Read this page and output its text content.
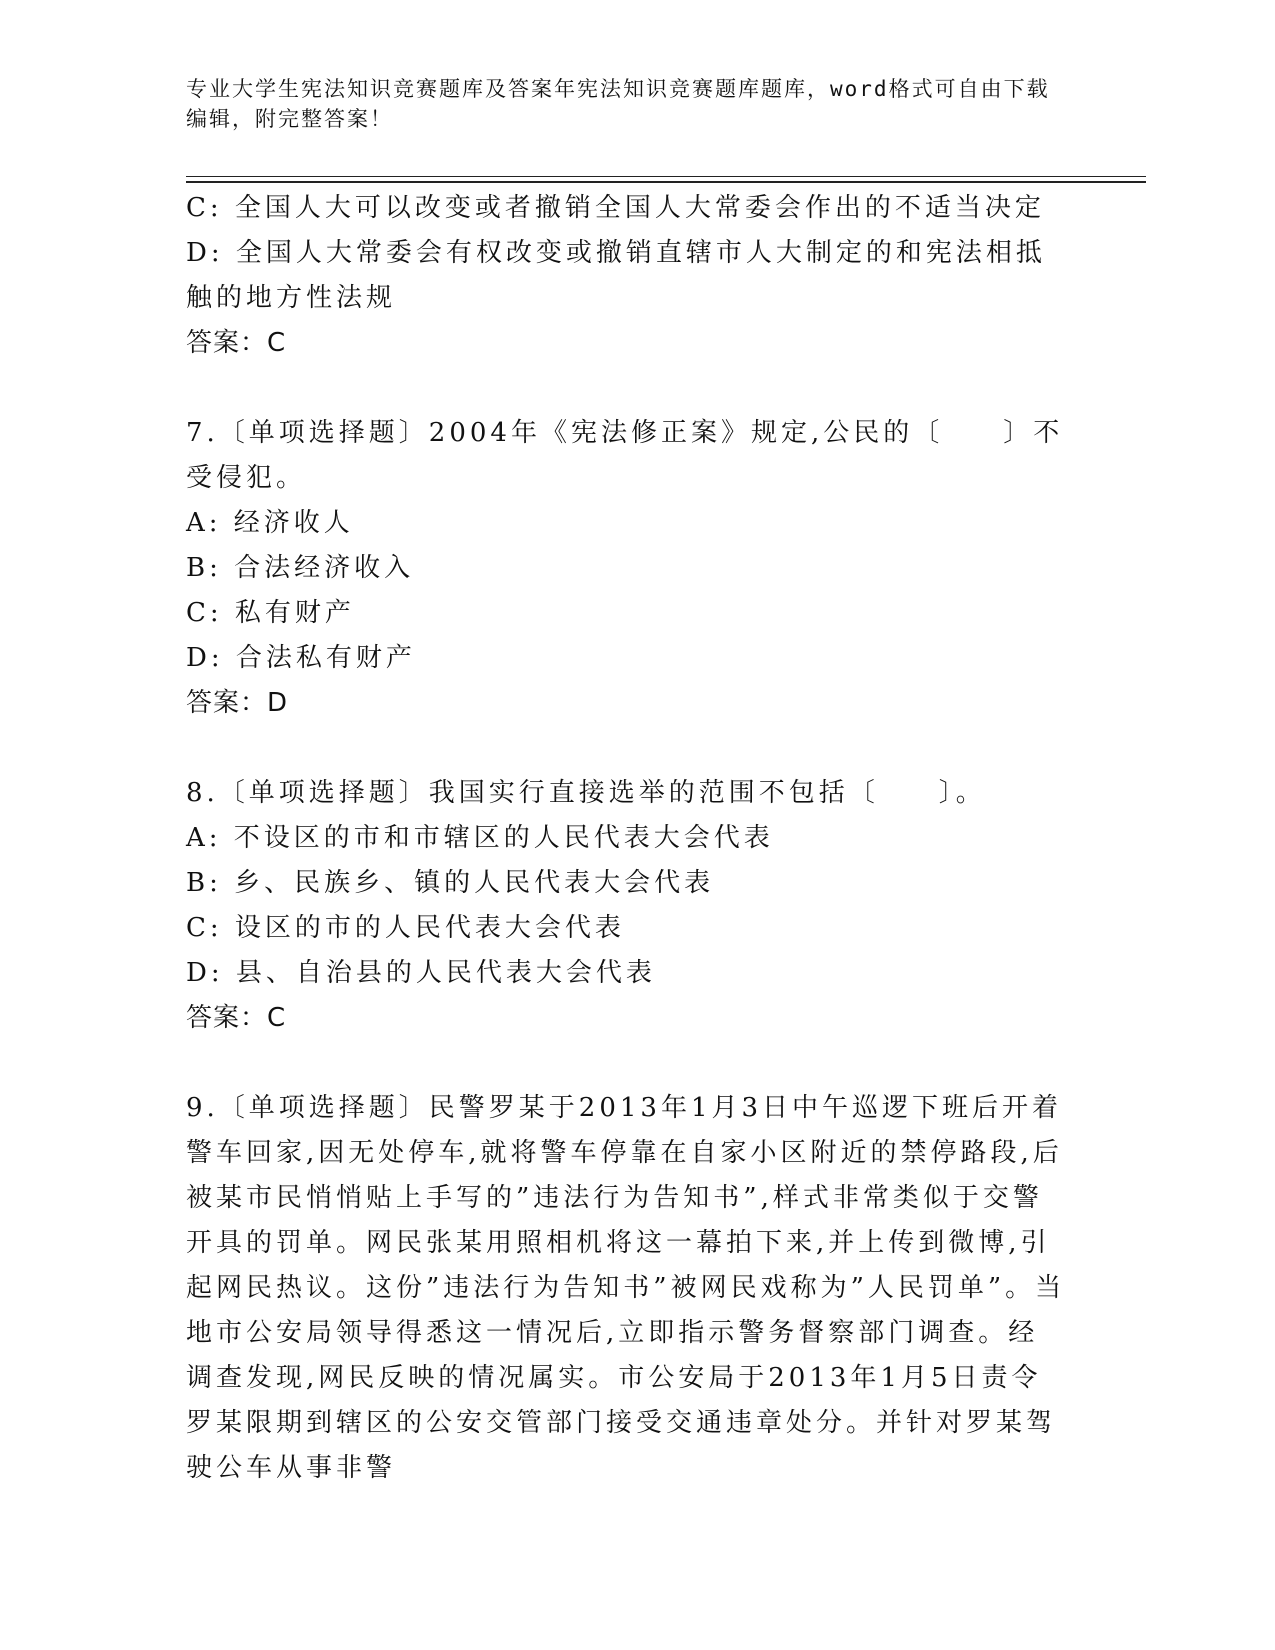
专业大学生宪法知识竞赛题库及答案年宪法知识竞赛题库题库，word格式可自由下载编辑，附完整答案！

C: 全国人大可以改变或者撤销全国人大常委会作出的不适当决定

D: 全国人大常委会有权改变或撤销直辖市人大制定的和宪法相抵触的地方性法规

答案：C

7.〔单项选择题〕2004年《宪法修正案》规定,公民的〔　　〕不受侵犯。

A: 经济收人

B: 合法经济收入

C: 私有财产

D: 合法私有财产

答案：D

8.〔单项选择题〕我国实行直接选举的范围不包括〔　　〕。

A: 不设区的市和市辖区的人民代表大会代表

B: 乡、民族乡、镇的人民代表大会代表

C: 设区的市的人民代表大会代表

D: 县、自治县的人民代表大会代表

答案：C

9.〔单项选择题〕民警罗某于2013年1月3日中午巡逻下班后开着警车回家,因无处停车,就将警车停靠在自家小区附近的禁停路段,后被某市民悄悄贴上手写的”违法行为告知书”,样式非常类似于交警开具的罚单。网民张某用照相机将这一幕拍下来,并上传到微博,引起网民热议。这份”违法行为告知书”被网民戏称为”人民罚单”。当地市公安局领导得悉这一情况后,立即指示警务督察部门调查。经调查发现,网民反映的情况属实。市公安局于2013年1月5日责令罗某限期到辖区的公安交管部门接受交通违章处分。并针对罗某驾驶公车从事非警
